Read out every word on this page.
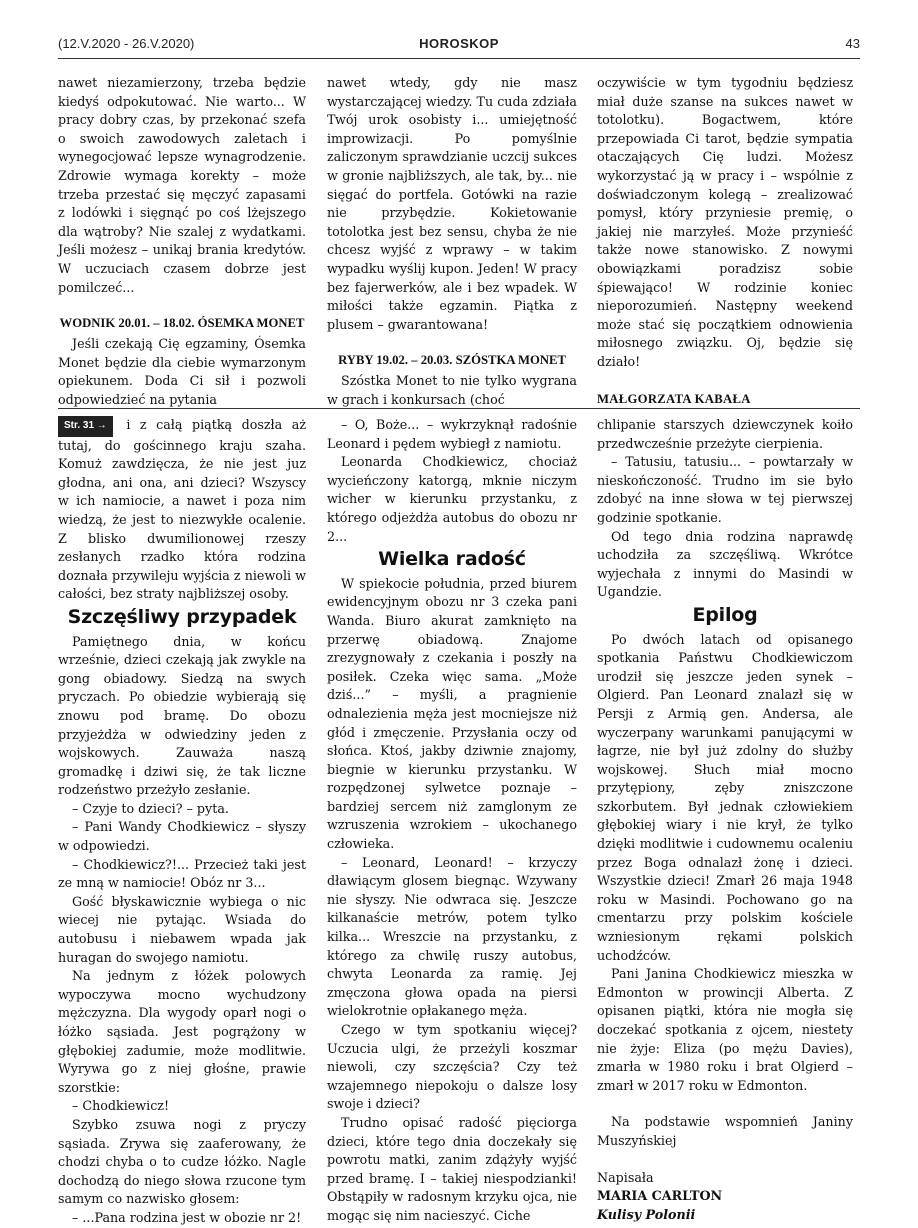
(12.V.2020 - 26.V.2020)	HOROSKOP	43

nawet niezamierzony, trzeba będzie kiedyś odpokutować. Nie warto... W pracy dobry czas, by przekonać szefa o swoich zawodowych zaletach i wynegocjować lepsze wynagrodzenie. Zdrowie wymaga korekty – może trzeba przestać się męczyć zapasami z lodówki i sięgnąć po coś lżejszego dla wątroby? Nie szalej z wydatkami. Jeśli możesz – unikaj brania kredytów. W uczuciach czasem dobrze jest pomilczeć...

WODNIK 20.01. – 18.02. ÓSEMKA MONET

Jeśli czekają Cię egzaminy, Ósemka Monet będzie dla ciebie wymarzonym opiekunem. Doda Ci sił i pozwoli odpowiedzieć na pytania

nawet wtedy, gdy nie masz wystarczającej wiedzy. Tu cuda zdziała Twój urok osobisty i... umiejętność improwizacji. Po pomyślnie zaliczonym sprawdzianie uczcij sukces w gronie najbliższych, ale tak, by... nie sięgać do portfela. Gotówki na razie nie przybędzie. Kokietowanie totolotka jest bez sensu, chyba że nie chcesz wyjść z wprawy – w takim wypadku wyślij kupon. Jeden! W pracy bez fajerwerków, ale i bez wpadek. W miłości także egzamin. Piątka z plusem – gwarantowana!

RYBY 19.02. – 20.03. SZÓSTKA MONET

Szóstka Monet to nie tylko wygrana w grach i konkursach (choć

oczywiście w tym tygodniu będziesz miał duże szanse na sukces nawet w totolotku). Bogactwem, które przepowiada Ci tarot, będzie sympatia otaczających Cię ludzi. Możesz wykorzystać ją w pracy i – wspólnie z doświadczonym kolegą – zrealizować pomysł, który przyniesie premię, o jakiej nie marzyłeś. Może przynieść także nowe stanowisko. Z nowymi obowiązkami poradzisz sobie śpiewająco! W rodzinie koniec nieporozumień. Następny weekend może stać się początkiem odnowienia miłosnego związku. Oj, będzie się działo!

MAŁGORZATA KABAŁA

Str. 31 → i z całą piątką doszła aż tutaj, do gościnnego kraju szaha. Komuż zawdzięcza, że nie jest juz głodna, ani ona, ani dzieci? Wszyscy w ich namiocie, a nawet i poza nim wiedzą, że jest to niezwykłe ocalenie. Z blisko dwumilionowej rzeszy zesłanych rzadko która rodzina doznała przywileju wyjścia z niewoli w całości, bez straty najbliższej osoby.

Szczęśliwy przypadek

Pamiętnego dnia, w końcu wrześnie, dzieci czekają jak zwykle na gong obiadowy. Siedzą na swych pryczach. Po obiedzie wybierają się znowu pod bramę. Do obozu przyjeżdża w odwiedziny jeden z wojskowych. Zauważa naszą gromadkę i dziwi się, że tak liczne rodzeństwo przeżyło zesłanie.

– Czyje to dzieci? – pyta.

– Pani Wandy Chodkiewicz – słyszy w odpowiedzi.

– Chodkiewicz?!... Przecież taki jest ze mną w namiocie! Obóz nr 3...

Gość błyskawicznie wybiega o nic wiecej nie pytając. Wsiada do autobusu i niebawem wpada jak huragan do swojego namiotu.

Na jednym z łóżek polowych wypoczywa mocno wychudzony mężczyzna. Dla wygody oparł nogi o łóżko sąsiada. Jest pogrążony w głębokiej zadumie, może modlitwie. Wyrywa go z niej głośne, prawie szorstkie:

– Chodkiewicz!

Szybko zsuwa nogi z pryczy sąsiada. Zrywa się zaaferowany, że chodzi chyba o to cudze łóżko. Nagle dochodzą do niego słowa rzucone tym samym co nazwisko głosem:

– ...Pana rodzina jest w obozie nr 2!

– O, Boże... – wykrzyknął radośnie Leonard i pędem wybiegł z namiotu.

Leonarda Chodkiewicz, chociaż wycieńczony katorgą, mknie niczym wicher w kierunku przystanku, z którego odjeżdża autobus do obozu nr 2...

Wielka radość

W spiekocie południa, przed biurem ewidencyjnym obozu nr 3 czeka pani Wanda. Biuro akurat zamknięto na przerwę obiadową. Znajome zrezygnowały z czekania i poszły na posiłek. Czeka więc sama. „Może dziś...” – myśli, a pragnienie odnalezienia męża jest mocniejsze niż głód i zmęczenie. Przysłania oczy od słońca. Ktoś, jakby dziwnie znajomy, biegnie w kierunku przystanku. W rozpędzonej sylwetce poznaje – bardziej sercem niż zamglonym ze wzruszenia wzrokiem – ukochanego człowieka.

– Leonard, Leonard! – krzyczy dławiącym glosem biegnąc. Wzywany nie słyszy. Nie odwraca się. Jeszcze kilkanaście metrów, potem tylko kilka... Wreszcie na przystanku, z którego za chwilę ruszy autobus, chwyta Leonarda za ramię. Jej zmęczona głowa opada na piersi wielokrotnie opłakanego męża.

Czego w tym spotkaniu więcej? Uczucia ulgi, że przeżyli koszmar niewoli, czy szczęścia? Czy też wzajemnego niepokoju o dalsze losy swoje i dzieci?

Trudno opisać radość pięciorga dzieci, które tego dnia doczekały się powrotu matki, zanim zdążyły wyjść przed bramę. I – takiej niespodzianki! Obstąpiły w radosnym krzyku ojca, nie mogąc się nim nacieszyć. Ciche

chlipanie starszych dziewczynek koiło przedwcześnie przeżyte cierpienia.

– Tatusiu, tatusiu... – powtarzały w nieskończoność. Trudno im sie było zdobyć na inne słowa w tej pierwszej godzinie spotkanie.

Od tego dnia rodzina naprawdę uchodziła za szczęśliwą. Wkrótce wyjechała z innymi do Masindi w Ugandzie.

Epilog

Po dwóch latach od opisanego spotkania Państwu Chodkiewiczom urodził się jeszcze jeden synek – Olgierd. Pan Leonard znalazł się w Persji z Armią gen. Andersa, ale wyczerpany warunkami panującymi w łagrze, nie był już zdolny do służby wojskowej. Słuch miał mocno przytępiony, zęby zniszczone szkorbutem. Był jednak człowiekiem głębokiej wiary i nie krył, że tylko dzięki modlitwie i cudownemu ocaleniu przez Boga odnalazł żonę i dzieci. Wszystkie dzieci! Zmarł 26 maja 1948 roku w Masindi. Pochowano go na cmentarzu przy polskim kościele wzniesionym rękami polskich uchodźców.

Pani Janina Chodkiewicz mieszka w Edmonton w prowincji Alberta. Z opisanen piątki, która nie mogła się doczekać spotkania z ojcem, niestety nie żyje: Eliza (po mężu Davies), zmarła w 1980 roku i brat Olgierd – zmarł w 2017 roku w Edmonton.

Na podstawie wspomnień Janiny Muszyńskiej

Napisała

MARIA CARLTON

Kulisy Polonii
